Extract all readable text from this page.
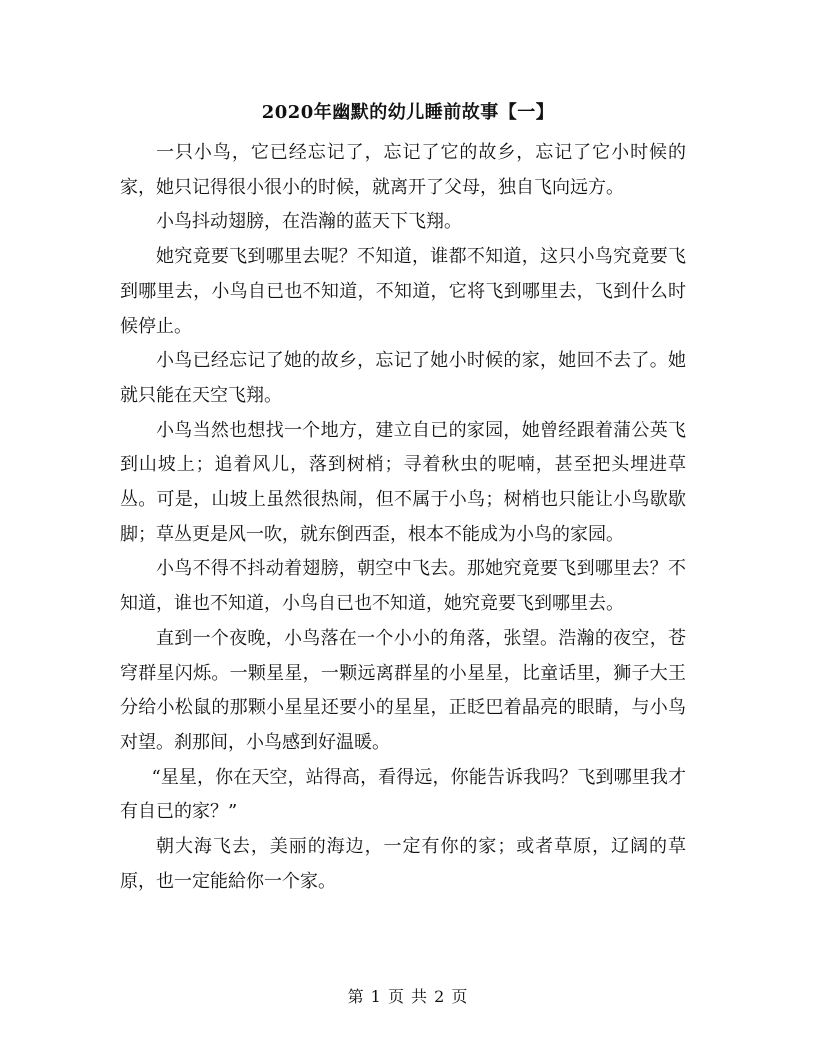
2020年幽默的幼儿睡前故事【一】

一只小鸟，它已经忘记了，忘记了它的故乡，忘记了它小时候的家，她只记得很小很小的时候，就离开了父母，独自飞向远方。

小鸟抖动翅膀，在浩瀚的蓝天下飞翔。

她究竟要飞到哪里去呢？不知道，谁都不知道，这只小鸟究竟要飞到哪里去，小鸟自已也不知道，不知道，它将飞到哪里去，飞到什么时候停止。

小鸟已经忘记了她的故乡，忘记了她小时候的家，她回不去了。她就只能在天空飞翔。

小鸟当然也想找一个地方，建立自已的家园，她曾经跟着蒲公英飞到山坡上；追着风儿，落到树梢；寻着秋虫的呢喃，甚至把头埋进草丛。可是，山坡上虽然很热闹，但不属于小鸟；树梢也只能让小鸟歇歇脚；草丛更是风一吹，就东倒西歪，根本不能成为小鸟的家园。

小鸟不得不抖动着翅膀，朝空中飞去。那她究竟要飞到哪里去？不知道，谁也不知道，小鸟自已也不知道，她究竟要飞到哪里去。

直到一个夜晚，小鸟落在一个小小的角落，张望。浩瀚的夜空，苍穹群星闪烁。一颗星星，一颗远离群星的小星星，比童话里，狮子大王分给小松鼠的那颗小星星还要小的星星，正眨巴着晶亮的眼睛，与小鸟对望。刹那间，小鸟感到好温暖。

“星星，你在天空，站得高，看得远，你能告诉我吗？飞到哪里我才有自已的家？”

朝大海飞去，美丽的海边，一定有你的家；或者草原，辽阔的草原，也一定能給你一个家。

第 1 页 共 2 页
